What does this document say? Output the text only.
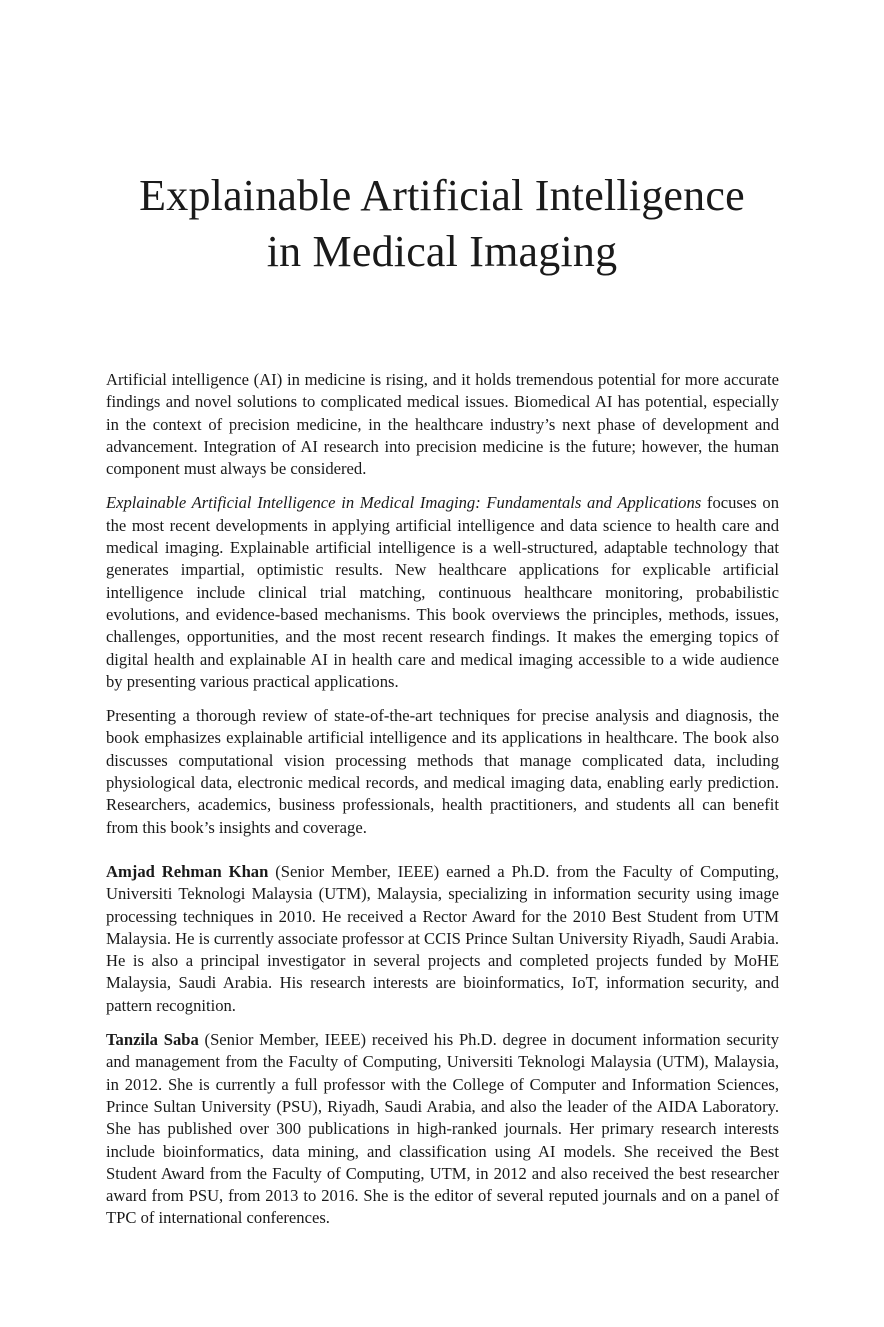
Explainable Artificial Intelligence
in Medical Imaging

Artificial intelligence (AI) in medicine is rising, and it holds tremendous potential for more accurate findings and novel solutions to complicated medical issues. Biomedical AI has potential, especially in the context of precision medicine, in the healthcare industry’s next phase of development and advancement. Integration of AI research into precision medicine is the future; however, the human component must always be considered.

Explainable Artificial Intelligence in Medical Imaging: Fundamentals and Applications focuses on the most recent developments in applying artificial intelligence and data science to health care and medical imaging. Explainable artificial intelligence is a well-structured, adaptable technology that generates impartial, optimistic results. New healthcare applications for explicable artificial intelligence include clinical trial matching, continuous healthcare monitoring, probabilistic evolutions, and evidence-based mechanisms. This book overviews the principles, methods, issues, challenges, opportunities, and the most recent research findings. It makes the emerging topics of digital health and explainable AI in health care and medical imaging accessible to a wide audience by presenting various practical applications.

Presenting a thorough review of state-of-the-art techniques for precise analysis and diagnosis, the book emphasizes explainable artificial intelligence and its applications in healthcare. The book also discusses computational vision processing methods that manage complicated data, including physiological data, electronic medical records, and medical imaging data, enabling early prediction. Researchers, academics, business professionals, health practitioners, and students all can benefit from this book’s insights and coverage.

Amjad Rehman Khan (Senior Member, IEEE) earned a Ph.D. from the Faculty of Computing, Universiti Teknologi Malaysia (UTM), Malaysia, specializing in information security using image processing techniques in 2010. He received a Rector Award for the 2010 Best Student from UTM Malaysia. He is currently associate professor at CCIS Prince Sultan University Riyadh, Saudi Arabia. He is also a principal investigator in several projects and completed projects funded by MoHE Malaysia, Saudi Arabia. His research interests are bioinformatics, IoT, information security, and pattern recognition.

Tanzila Saba (Senior Member, IEEE) received his Ph.D. degree in document information security and management from the Faculty of Computing, Universiti Teknologi Malaysia (UTM), Malaysia, in 2012. She is currently a full professor with the College of Computer and Information Sciences, Prince Sultan University (PSU), Riyadh, Saudi Arabia, and also the leader of the AIDA Laboratory. She has published over 300 publications in high-ranked journals. Her primary research interests include bioinformatics, data mining, and classification using AI models. She received the Best Student Award from the Faculty of Computing, UTM, in 2012 and also received the best researcher award from PSU, from 2013 to 2016. She is the editor of several reputed journals and on a panel of TPC of international conferences.
